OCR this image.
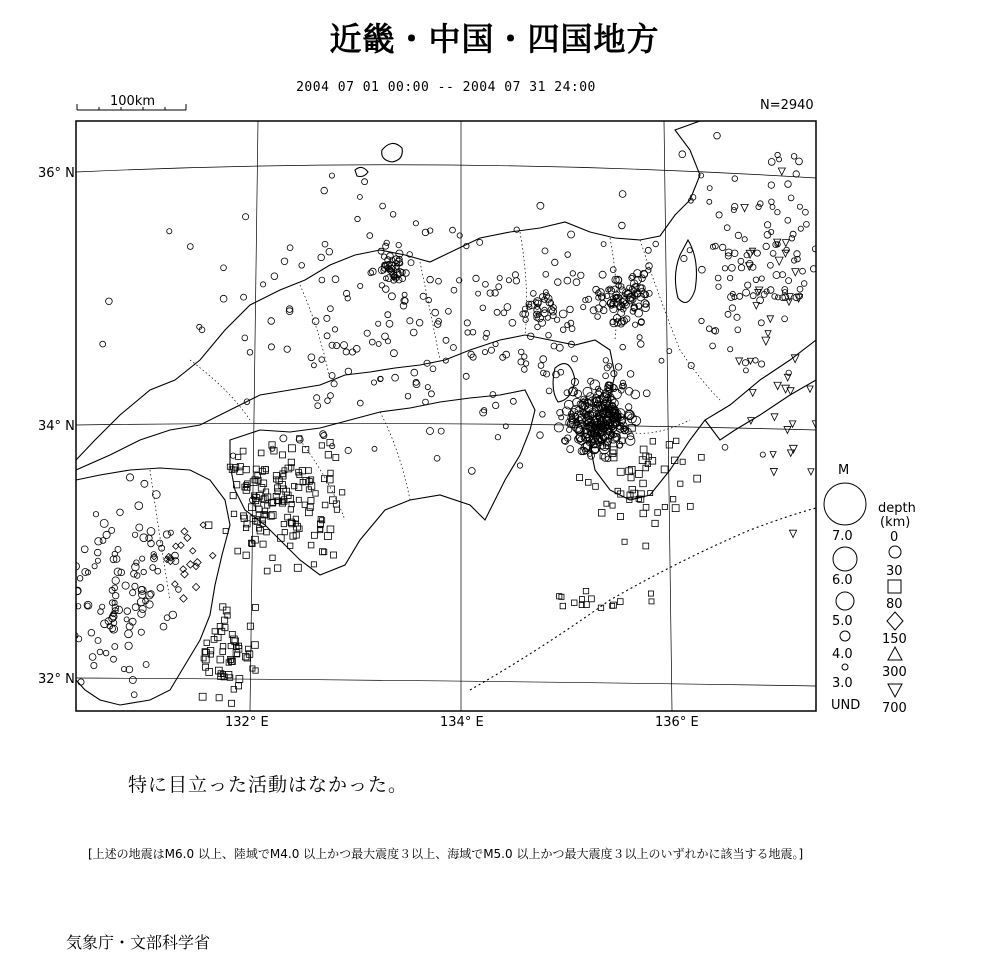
近畿・中国・四国地方
2004 07 01 00:00 -- 2004 07 31 24:00
100km	N=2940
36° N
34° N
32° N
132° E	134° E	136° E
M
7.0
6.0
5.0
4.0
3.0
UND
depth
(km)
0
30
80
150
300
700
特に目立った活動はなかった。
[上述の地震はM6.0 以上、陸域でM4.0 以上かつ最大震度３以上、海域でM5.0 以上かつ最大震度３以上のいずれかに該当する地震。]
気象庁・文部科学省
